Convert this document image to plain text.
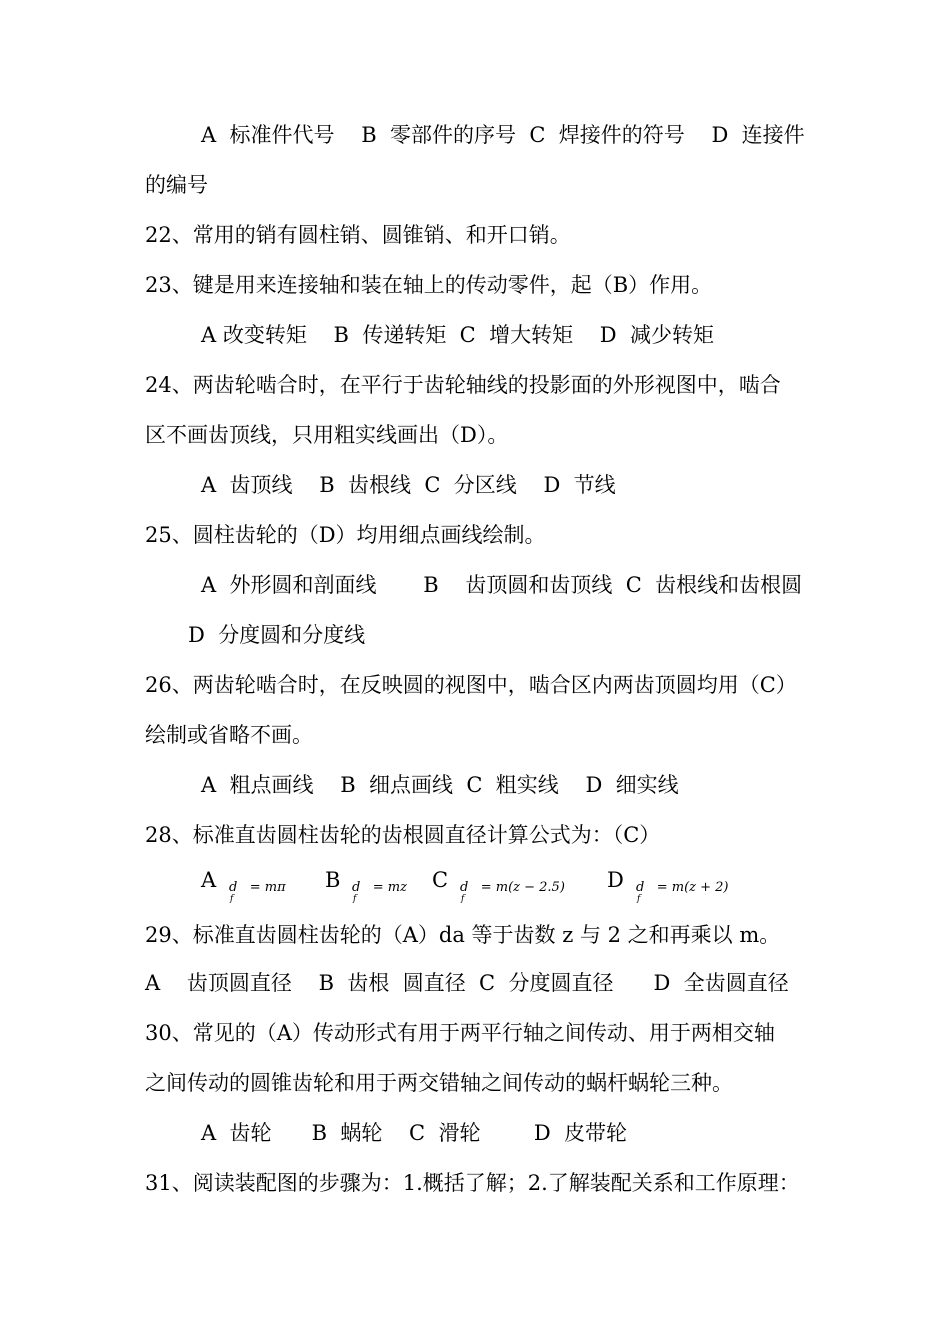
A  标准件代号    B  零部件的序号  C  焊接件的符号    D  连接件
的编号
22、常用的销有圆柱销、圆锥销、和开口销。
23、键是用来连接轴和装在轴上的传动零件，起（B）作用。
A 改变转矩    B  传递转矩  C  增大转矩    D  减少转矩
24、两齿轮啮合时，在平行于齿轮轴线的投影面的外形视图中，啮合
区不画齿顶线，只用粗实线画出（D）。
A  齿顶线    B  齿根线  C  分区线    D  节线
25、圆柱齿轮的（D）均用细点画线绘制。
A  外形圆和剖面线       B    齿顶圆和齿顶线  C  齿根线和齿根圆
D  分度圆和分度线
26、两齿轮啮合时，在反映圆的视图中，啮合区内两齿顶圆均用（C）
绘制或省略不画。
A  粗点画线    B  细点画线  C  粗实线    D  细实线
28、标准直齿圆柱齿轮的齿根圆直径计算公式为：（C）
A d   = mπ
f
B d   = mz
f
C d   = m(z − 2.5)
f
D d   = m(z + 2)
f
29、标准直齿圆柱齿轮的（A）da 等于齿数 z 与 2 之和再乘以 m。
A    齿顶圆直径    B  齿根  圆直径  C  分度圆直径      D  全齿圆直径
30、常见的（A）传动形式有用于两平行轴之间传动、用于两相交轴
之间传动的圆锥齿轮和用于两交错轴之间传动的蜗杆蜗轮三种。
A  齿轮      B  蜗轮    C  滑轮        D  皮带轮
31、阅读装配图的步骤为：1.概括了解；2.了解装配关系和工作原理：
